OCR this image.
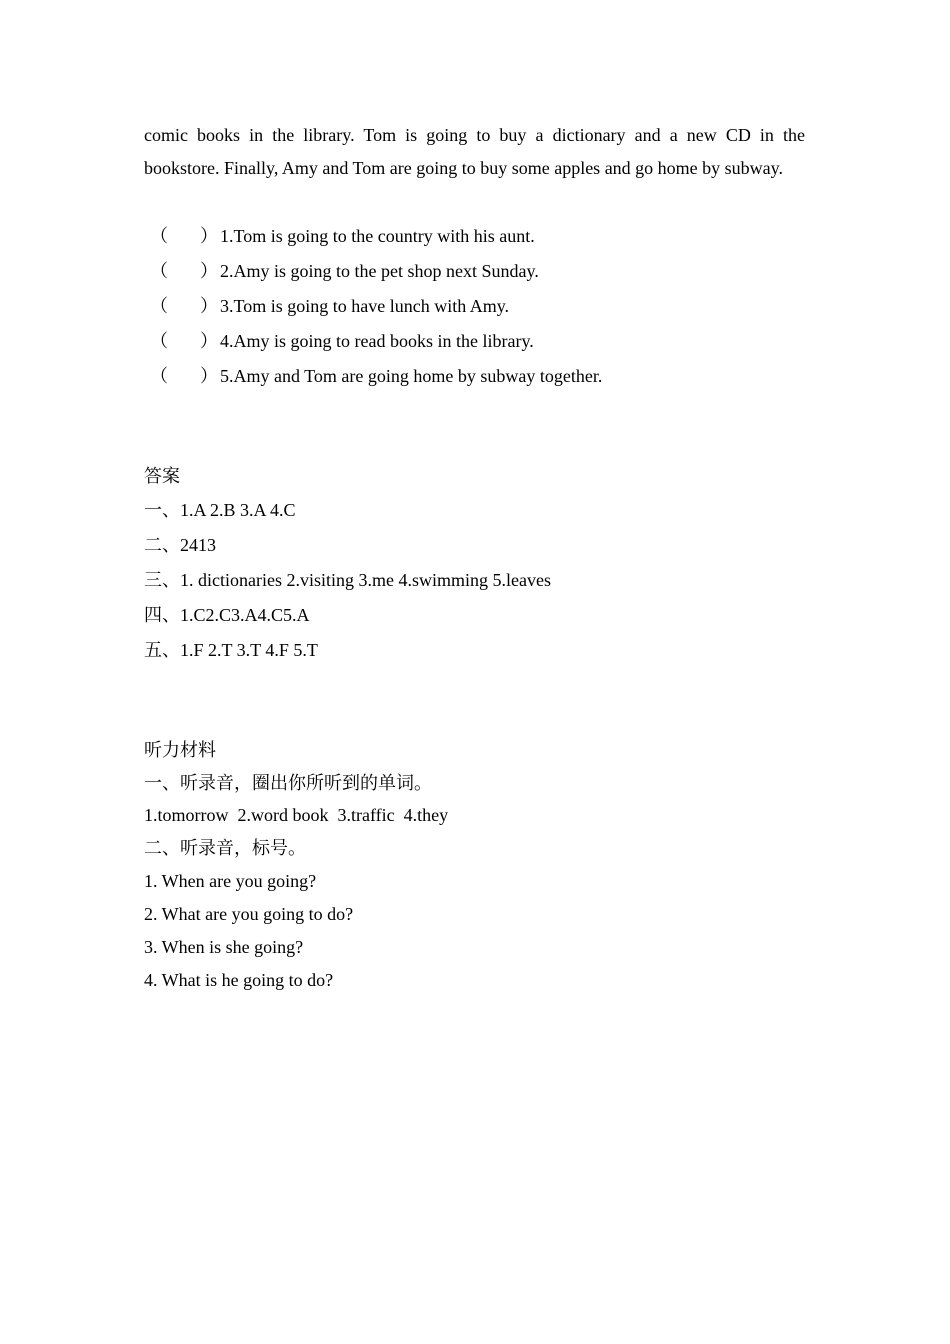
comic books in the library. Tom is going to buy a dictionary and a new CD in the bookstore. Finally, Amy and Tom are going to buy some apples and go home by subway.
（ ） 1.Tom is going to the country with his aunt.
（ ） 2.Amy is going to the pet shop next Sunday.
（ ） 3.Tom is going to have lunch with Amy.
（ ） 4.Amy is going to read books in the library.
（ ） 5.Amy and Tom are going home by subway together.
答案
一、1.A 2.B 3.A 4.C
二、2413
三、1. dictionaries 2.visiting 3.me 4.swimming 5.leaves
四、1.C2.C3.A4.C5.A
五、1.F 2.T 3.T 4.F 5.T
听力材料
一、听录音，圈出你所听到的单词。
1.tomorrow  2.word book  3.traffic  4.they
二、听录音，标号。
1. When are you going?
2. What are you going to do?
3. When is she going?
4. What is he going to do?
